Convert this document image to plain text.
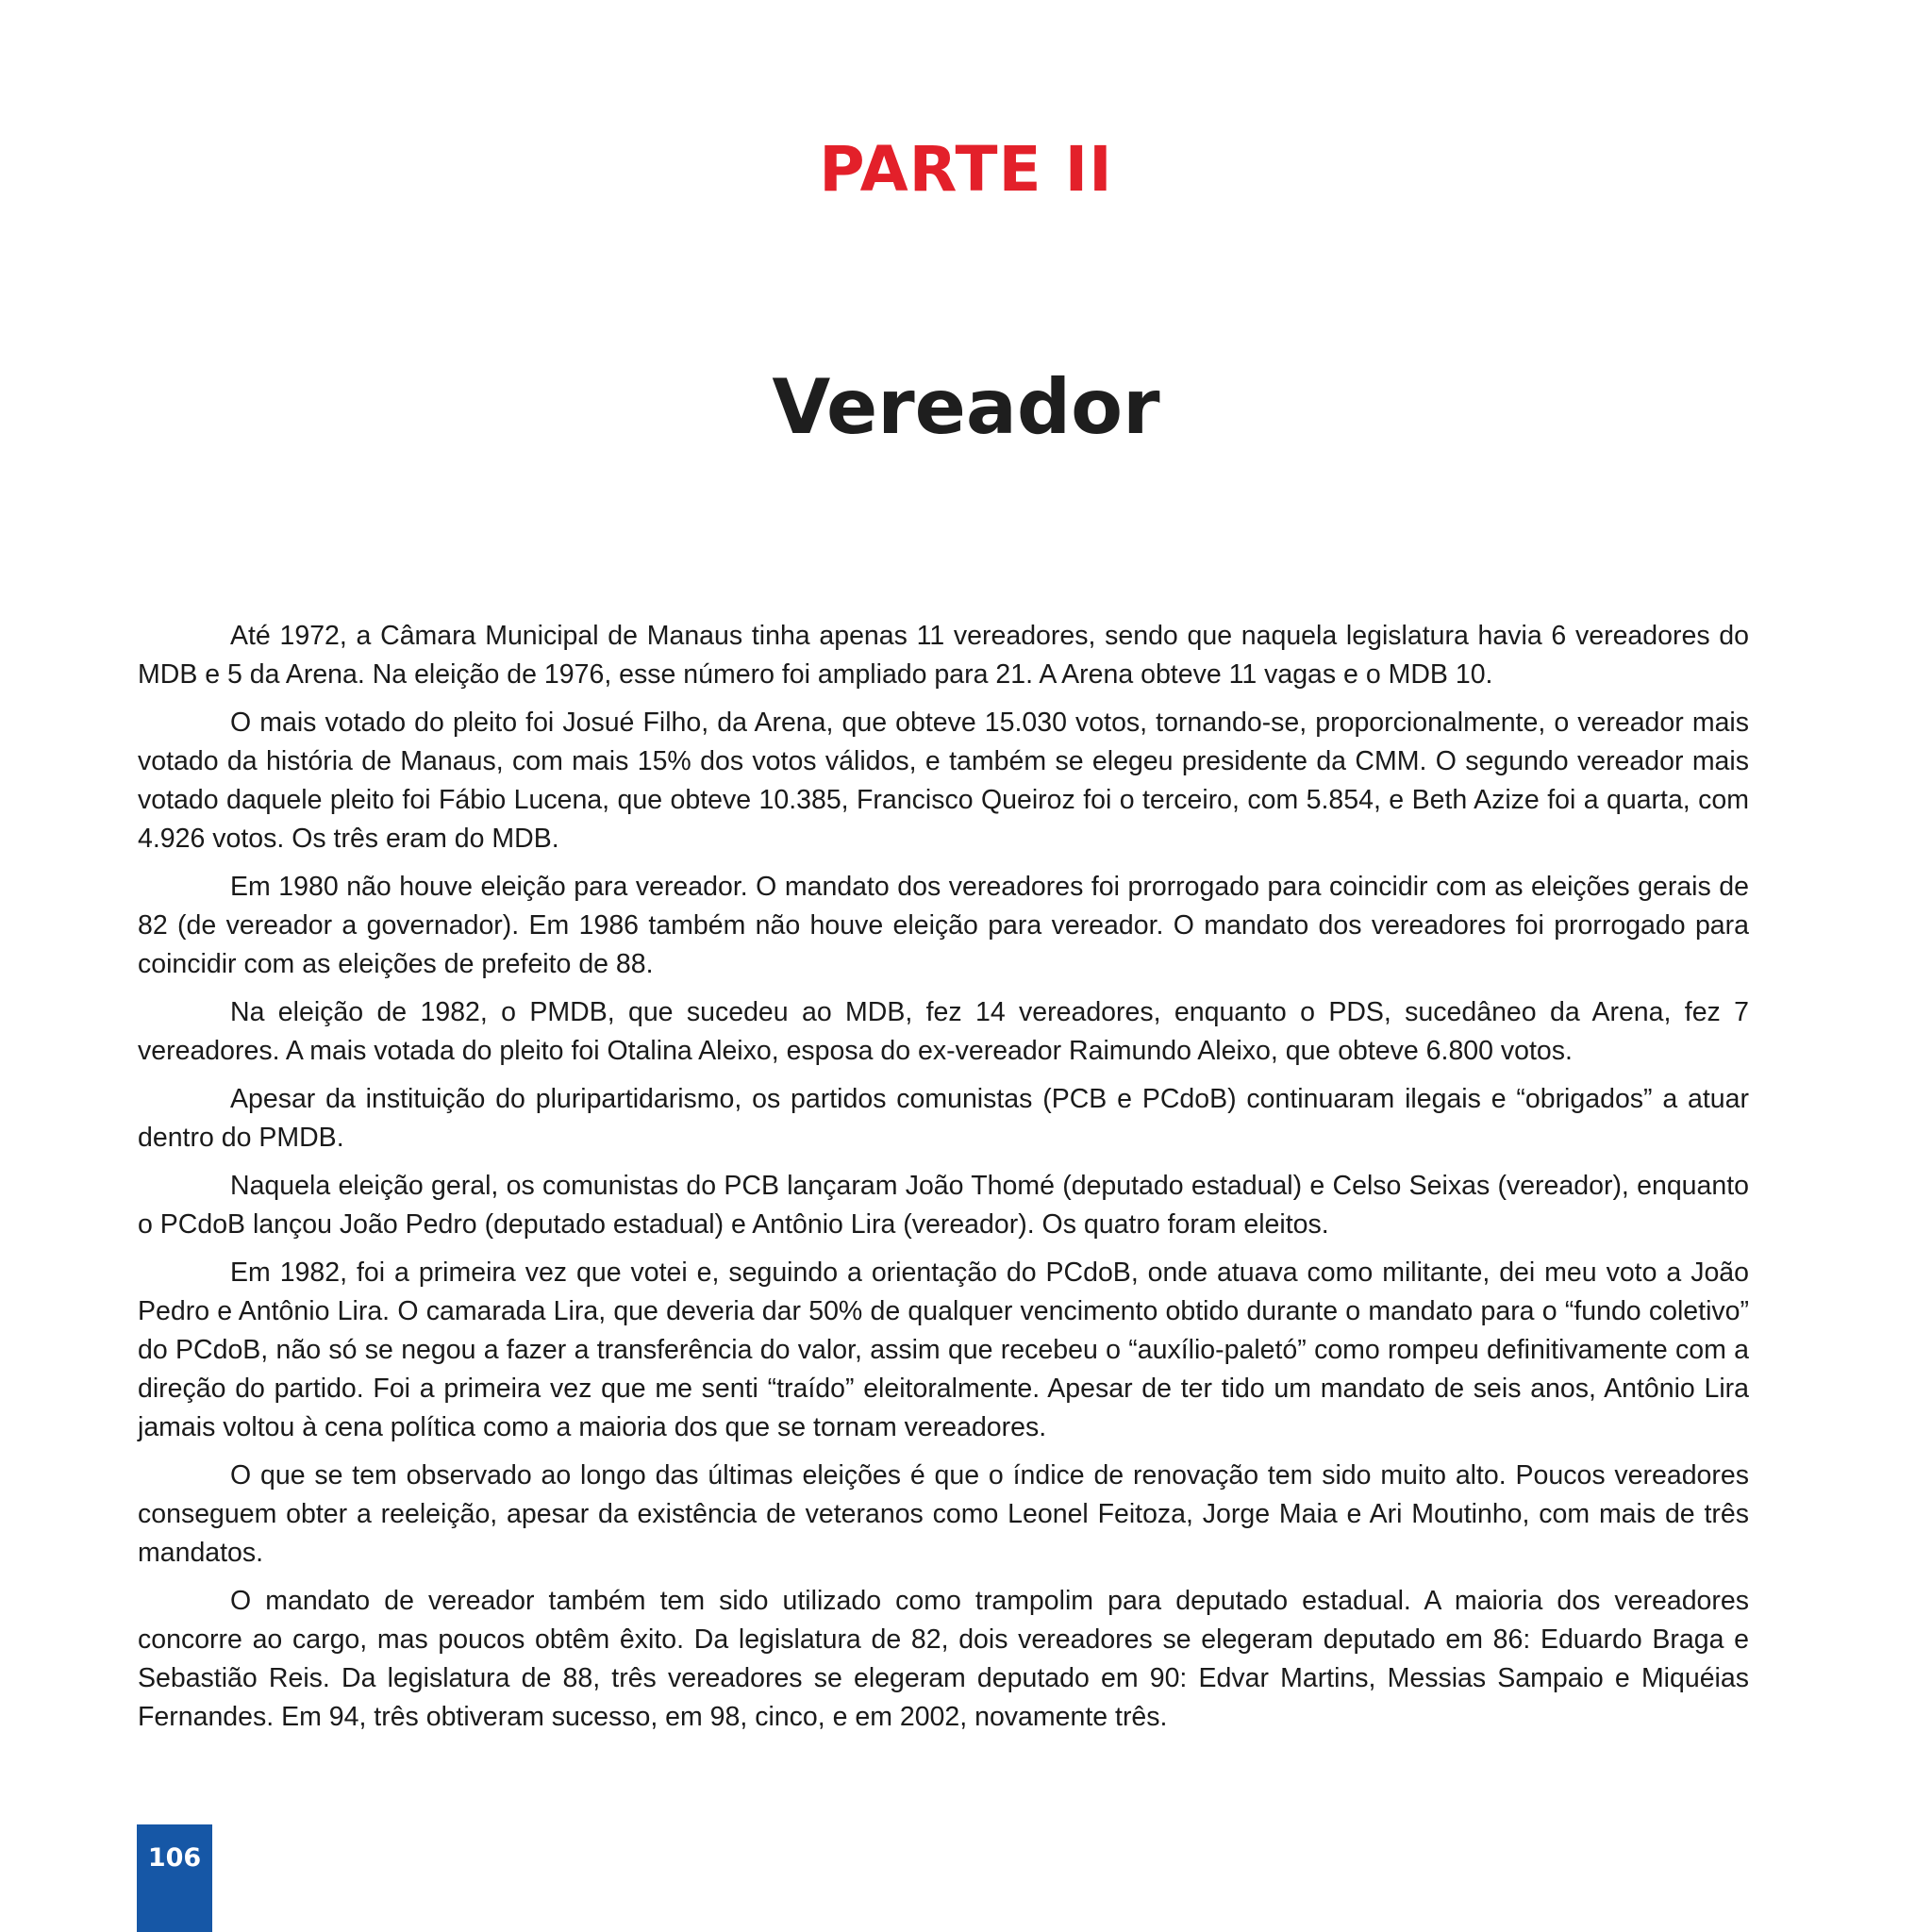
PARTE II
Vereador

Até 1972, a Câmara Municipal de Manaus tinha apenas 11 vereadores, sendo que naquela legislatura havia 6 vereadores do MDB e 5 da Arena. Na eleição de 1976, esse número foi ampliado para 21. A Arena obteve 11 vagas e o MDB 10.

O mais votado do pleito foi Josué Filho, da Arena, que obteve 15.030 votos, tornando-se, proporcionalmente, o vereador mais votado da história de Manaus, com mais 15% dos votos válidos, e também se elegeu presidente da CMM. O segundo vereador mais votado daquele pleito foi Fábio Lucena, que obteve 10.385, Francisco Queiroz foi o terceiro, com 5.854, e Beth Azize foi a quarta, com 4.926 votos. Os três eram do MDB.

Em 1980 não houve eleição para vereador. O mandato dos vereadores foi prorrogado para coincidir com as eleições gerais de 82 (de vereador a governador). Em 1986 também não houve eleição para vereador. O mandato dos vereadores foi prorrogado para coincidir com as eleições de prefeito de 88.

Na eleição de 1982, o PMDB, que sucedeu ao MDB, fez 14 vereadores, enquanto o PDS, sucedâneo da Arena, fez 7 vereadores. A mais votada do pleito foi Otalina Aleixo, esposa do ex-vereador Raimundo Aleixo, que obteve 6.800 votos.

Apesar da instituição do pluripartidarismo, os partidos comunistas (PCB e PCdoB) continuaram ilegais e “obrigados” a atuar dentro do PMDB.

Naquela eleição geral, os comunistas do PCB lançaram João Thomé (deputado estadual) e Celso Seixas (vereador), enquanto o PCdoB lançou João Pedro (deputado estadual) e Antônio Lira (vereador). Os quatro foram eleitos.

Em 1982, foi a primeira vez que votei e, seguindo a orientação do PCdoB, onde atuava como militante, dei meu voto a João Pedro e Antônio Lira. O camarada Lira, que deveria dar 50% de qualquer vencimento obtido durante o mandato para o “fundo coletivo” do PCdoB, não só se negou a fazer a transferência do valor, assim que recebeu o “auxílio-paletó” como rompeu definitivamente com a direção do partido. Foi a primeira vez que me senti “traído” eleitoralmente. Apesar de ter tido um mandato de seis anos, Antônio Lira jamais voltou à cena política como a maioria dos que se tornam vereadores.

O que se tem observado ao longo das últimas eleições é que o índice de renovação tem sido muito alto. Poucos vereadores conseguem obter a reeleição, apesar da existência de veteranos como Leonel Feitoza, Jorge Maia e Ari Moutinho, com mais de três mandatos.

O mandato de vereador também tem sido utilizado como trampolim para deputado estadual. A maioria dos vereadores concorre ao cargo, mas poucos obtêm êxito. Da legislatura de 82, dois vereadores se elegeram deputado em 86: Eduardo Braga e Sebastião Reis. Da legislatura de 88, três vereadores se elegeram deputado em 90: Edvar Martins, Messias Sampaio e Miquéias Fernandes. Em 94, três obtiveram sucesso, em 98, cinco, e em 2002, novamente três.

106
